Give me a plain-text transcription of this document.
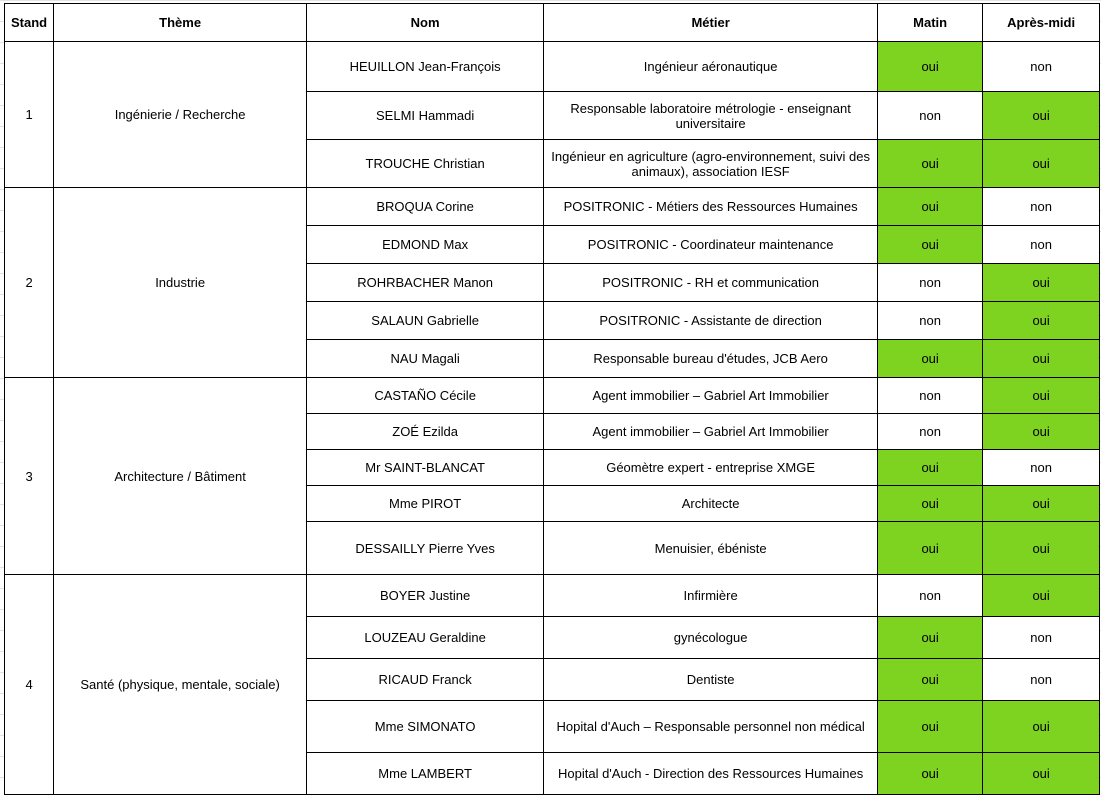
Stand	Thème	Nom	Métier	Matin	Après-midi
1	Ingénierie / Recherche	HEUILLON Jean-François	Ingénieur aéronautique	oui	non
		SELMI Hammadi	Responsable laboratoire métrologie - enseignant universitaire	non	oui
		TROUCHE Christian	Ingénieur en agriculture (agro-environnement, suivi des animaux), association IESF	oui	oui
2	Industrie	BROQUA Corine	POSITRONIC - Métiers des Ressources Humaines	oui	non
		EDMOND Max	POSITRONIC - Coordinateur maintenance	oui	non
		ROHRBACHER Manon	POSITRONIC - RH et communication	non	oui
		SALAUN Gabrielle	POSITRONIC - Assistante de direction	non	oui
		NAU Magali	Responsable bureau d'études, JCB Aero	oui	oui
3	Architecture / Bâtiment	CASTAÑO Cécile	Agent immobilier – Gabriel Art Immobilier	non	oui
		ZOÉ Ezilda	Agent immobilier – Gabriel Art Immobilier	non	oui
		Mr SAINT-BLANCAT	Géomètre expert - entreprise XMGE	oui	non
		Mme PIROT	Architecte	oui	oui
		DESSAILLY Pierre Yves	Menuisier, ébéniste	oui	oui
4	Santé (physique, mentale, sociale)	BOYER Justine	Infirmière	non	oui
		LOUZEAU Geraldine	gynécologue	oui	non
		RICAUD Franck	Dentiste	oui	non
		Mme SIMONATO	Hopital d'Auch – Responsable personnel non médical	oui	oui
		Mme LAMBERT	Hopital d'Auch - Direction des Ressources Humaines	oui	oui
